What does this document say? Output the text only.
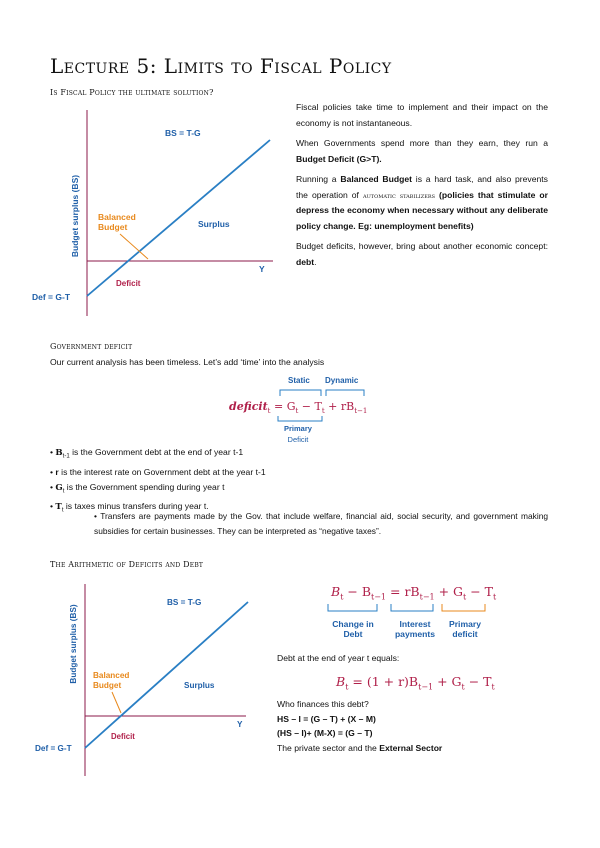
Lecture 5: Limits to Fiscal Policy
Is Fiscal Policy the ultimate solution?
Budget surplus (BS)
BS = T-G
Def = G-T
Balanced
Budget	Surplus
Deficit
Y
Fiscal policies take time to implement and their impact on the economy is not instantaneous.
When Governments spend more than they earn, they run a Budget Deficit (G>T).
Running a Balanced Budget is a hard task, and also prevents the operation of automatic stabilizers (policies that stimulate or depress the economy when necessary without any deliberate policy change. Eg: unemployment benefits)
Budget deficits, however, bring about another economic concept: debt.
Government deficit
Our current analysis has been timeless. Let’s add ‘time’ into the analysis
Static Dynamic
deficit$_t$ = $G_t - T_t + rB_{t-1}$
Primary
Deficit
• $B_{t-1}$ is the Government debt at the end of year t-1
• r is the interest rate on Government debt at the year t-1
• $G_t$ is the Government spending during year t
• $T_t$ is taxes minus transfers during year t.
• Transfers are payments made by the Gov. that include welfare, financial aid, social security, and government making subsidies for certain businesses. They can be interpreted as “negative taxes”.
The Arithmetic of Deficits and Debt
Budget surplus (BS)
BS = T-G
Def = G-T
Balanced
Budget	Surplus
Deficit
Y
$B_t - B_{t-1} = rB_{t-1} + G_t - T_t$
Change in
Debt
Interest
payments
Primary
deficit
Debt at the end of year t equals:
$B_t = (1 + r)B_{t-1} + G_t - T_t$
Who finances this debt?
HS – I = (G – T) + (X – M)
(HS – I)+ (M-X) = (G – T)
The private sector and the External Sector
